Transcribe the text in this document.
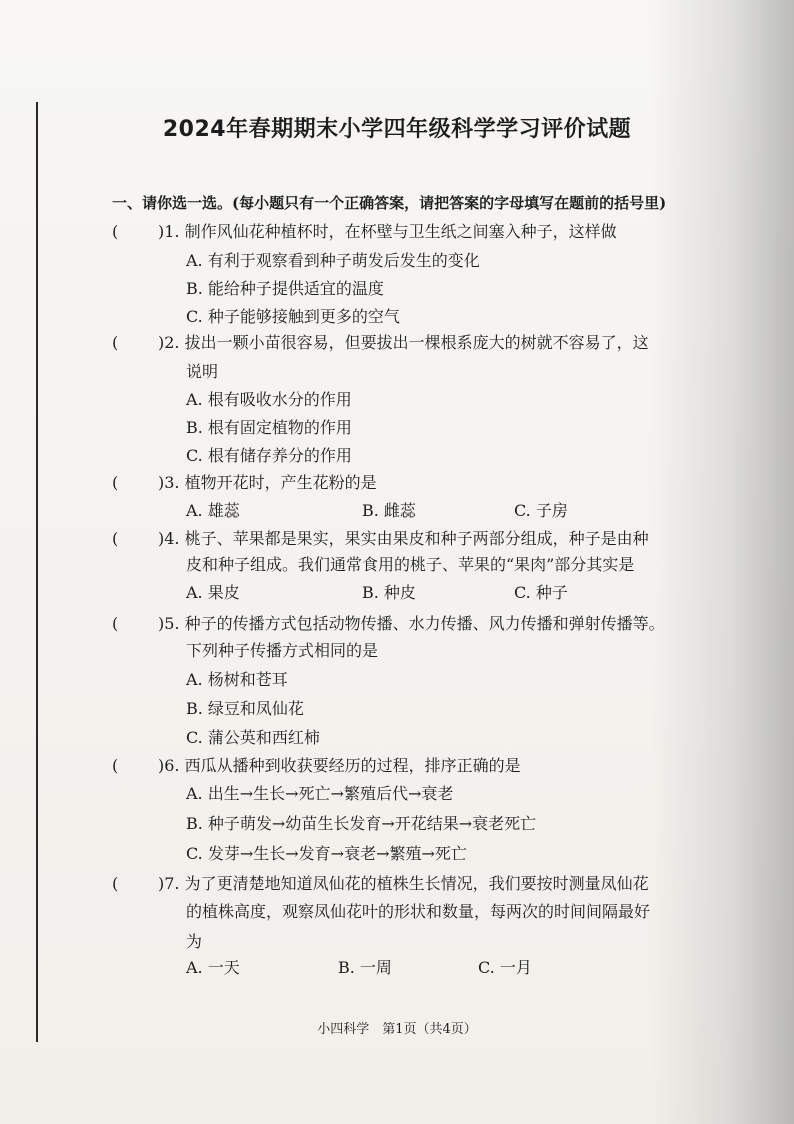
2024年春期期末小学四年级科学学习评价试题
一、请你选一选。(每小题只有一个正确答案，请把答案的字母填写在题前的括号里)
( )1. 制作风仙花种植杯时，在杯壁与卫生纸之间塞入种子，这样做
A. 有利于观察看到种子萌发后发生的变化
B. 能给种子提供适宜的温度
C. 种子能够接触到更多的空气
( )2. 拔出一颗小苗很容易，但要拔出一棵根系庞大的树就不容易了，这
说明
A. 根有吸收水分的作用
B. 根有固定植物的作用
C. 根有储存养分的作用
( )3. 植物开花时，产生花粉的是
A. 雄蕊	B. 雌蕊	C. 子房
( )4. 桃子、苹果都是果实，果实由果皮和种子两部分组成，种子是由种
皮和种子组成。我们通常食用的桃子、苹果的“果肉”部分其实是
A. 果皮	B. 种皮	C. 种子
( )5. 种子的传播方式包括动物传播、水力传播、风力传播和弹射传播等。
下列种子传播方式相同的是
A. 杨树和苍耳
B. 绿豆和凤仙花
C. 蒲公英和西红柿
( )6. 西瓜从播种到收获要经历的过程，排序正确的是
A. 出生→生长→死亡→繁殖后代→衰老
B. 种子萌发→幼苗生长发育→开花结果→衰老死亡
C. 发芽→生长→发育→衰老→繁殖→死亡
( )7. 为了更清楚地知道凤仙花的植株生长情况，我们要按时测量凤仙花
的植株高度，观察凤仙花叶的形状和数量，每两次的时间间隔最好
为
A. 一天	B. 一周	C. 一月
小四科学　第1页（共4页）
